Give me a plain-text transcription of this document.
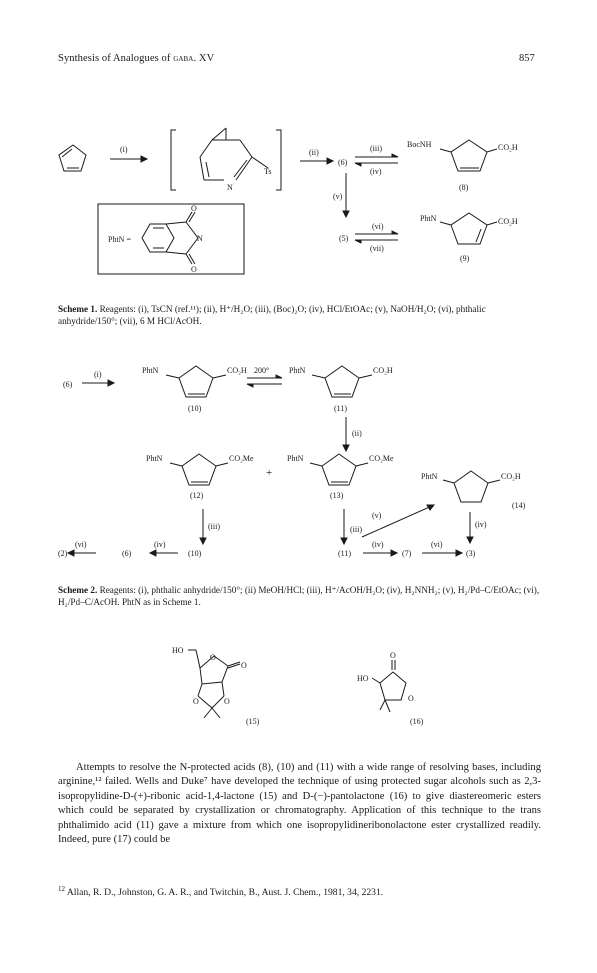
Synthesis of Analogues of gaba. XV	857
(i)
Ts
N
(ii)
(6)
(iii)
(iv)
BocNH	CO₂H
(8)
(v)
(5)
(vi)
(vii)
PhtN	CO₂H
(9)
PhtN =	N
O
O
Scheme 1. Reagents: (i), TsCN (ref.¹¹); (ii), H⁺/H₂O; (iii), (Boc)₂O; (iv), HCl/EtOAc; (v), NaOH/H₂O; (vi), phthalic anhydride/150°; (vii), 6 M HCl/AcOH.
(6)
(i)	PhtN	CO₂H
(10)
200° PhtN	CO₂H
(11)
(ii)
PhtN	CO₂Me
(12)
+
PhtN	CO₂Me
(13)
PhtN	CO₂H
(14)
(iii)	(iii)
(v)
(iv)
(2)
(vi)
(6)
(iv)
(10)	(11)
(iv)
(7)
(vi)
(3)
Scheme 2. Reagents: (i), phthalic anhydride/150°; (ii) MeOH/HCl; (iii), H⁺/AcOH/H₂O; (iv), H₂NNH₂; (v), H₂/Pd–C/EtOAc; (vi), H₂/Pd–C/AcOH. PhtN as in Scheme 1.
HO
O
O
O	O
(15)
O
HO
O
(16)
Attempts to resolve the N-protected acids (8), (10) and (11) with a wide range of resolving bases, including arginine,¹² failed. Wells and Duke⁷ have developed the technique of using protected sugar alcohols such as 2,3-isopropylidine-D-(+)-ribonic acid-1,4-lactone (15) and D-(−)-pantolactone (16) to give diastereomeric esters which could be separated by crystallization or chromatography. Application of this technique to the trans phthalimido acid (11) gave a mixture from which one isopropylidineribonolactone ester crystallized readily. Indeed, pure (17) could be
$^{12}$ Allan, R. D., Johnston, G. A. R., and Twitchin, B., Aust. J. Chem., 1981, 34, 2231.
